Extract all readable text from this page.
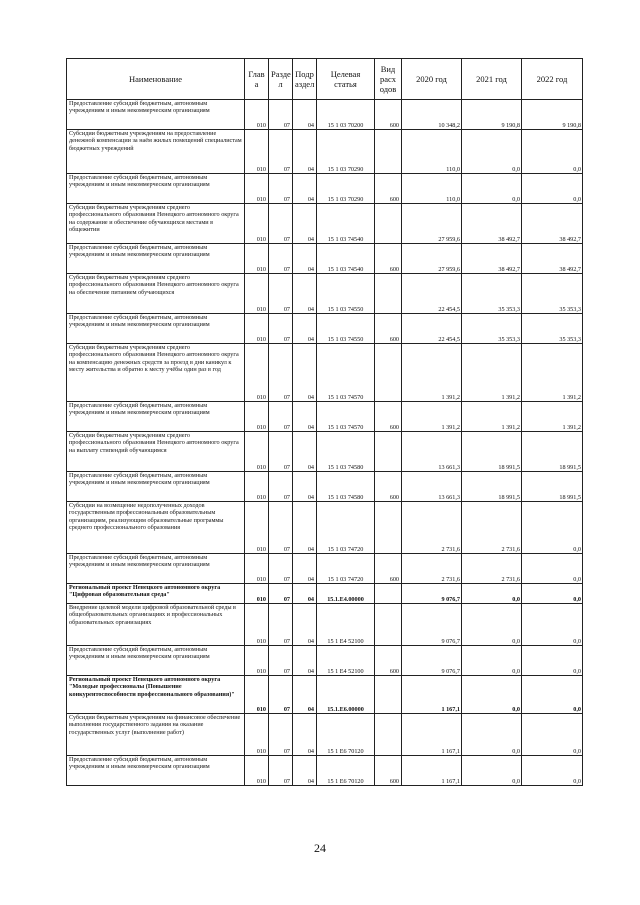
Наименование	Глав а	Разде л	Подр аздел	Целевая статья	Вид расх одов	2020 год	2021 год	2022 год
Предоставление субсидий бюджетным, автономным учреждениям и иным некоммерческим организациям	010	07	04	15 1 03 70200	600	10 348,2	9 190,8	9 190,8
Субсидии бюджетным учреждениям на предоставление денежной компенсации за наём жилых помещений специалистам бюджетных учреждений	010	07	04	15 1 03 70290		110,0	0,0	0,0
Предоставление субсидий бюджетным, автономным учреждениям и иным некоммерческим организациям	010	07	04	15 1 03 70290	600	110,0	0,0	0,0
Субсидии бюджетным учреждениям среднего профессионального образования Ненецкого автономного округа на содержание и обеспечение обучающихся местами в общежитии	010	07	04	15 1 03 74540		27 959,6	38 492,7	38 492,7
Предоставление субсидий бюджетным, автономным учреждениям и иным некоммерческим организациям	010	07	04	15 1 03 74540	600	27 959,6	38 492,7	38 492,7
Субсидии бюджетным учреждениям среднего профессионального образования Ненецкого автономного округа на обеспечение питанием обучающихся	010	07	04	15 1 03 74550		22 454,5	35 353,3	35 353,3
Предоставление субсидий бюджетным, автономным учреждениям и иным некоммерческим организациям	010	07	04	15 1 03 74550	600	22 454,5	35 353,3	35 353,3
Субсидии бюджетным учреждениям среднего профессионального образования Ненецкого автономного округа на компенсацию денежных средств за проезд в дни каникул к месту жительства и обратно к месту учёбы один раз в год	010	07	04	15 1 03 74570		1 391,2	1 391,2	1 391,2
Предоставление субсидий бюджетным, автономным учреждениям и иным некоммерческим организациям	010	07	04	15 1 03 74570	600	1 391,2	1 391,2	1 391,2
Субсидии бюджетным учреждениям среднего профессионального образования Ненецкого автономного округа на выплату стипендий обучающимся	010	07	04	15 1 03 74580		13 661,3	18 991,5	18 991,5
Предоставление субсидий бюджетным, автономным учреждениям и иным некоммерческим организациям	010	07	04	15 1 03 74580	600	13 661,3	18 991,5	18 991,5
Субсидии на возмещение недополученных доходов государственным профессиональным образовательным организациям, реализующим образовательные программы среднего профессионального образования	010	07	04	15 1 03 74720		2 731,6	2 731,6	0,0
Предоставление субсидий бюджетным, автономным учреждениям и иным некоммерческим организациям	010	07	04	15 1 03 74720	600	2 731,6	2 731,6	0,0
Региональный проект Ненецкого автономного округа "Цифровая образовательная среда"	010	07	04	15.1.E4.00000		9 076,7	0,0	0,0
Внедрение целевой модели цифровой образовательной среды в общеобразовательных организациях и профессиональных образовательных организациях	010	07	04	15 1 E4 52100		9 076,7	0,0	0,0
Предоставление субсидий бюджетным, автономным учреждениям и иным некоммерческим организациям	010	07	04	15 1 E4 52100	600	9 076,7	0,0	0,0
Региональный проект Ненецкого автономного округа "Молодые профессионалы (Повышение конкурентоспособности профессионального образования)"	010	07	04	15.1.E6.00000		1 167,1	0,0	0,0
Субсидии бюджетным учреждениям на финансовое обеспечение выполнения государственного задания на оказание государственных услуг (выполнение работ)	010	07	04	15 1 E6 70120		1 167,1	0,0	0,0
Предоставление субсидий бюджетным, автономным учреждениям и иным некоммерческим организациям	010	07	04	15 1 E6 70120	600	1 167,1	0,0	0,0
24
